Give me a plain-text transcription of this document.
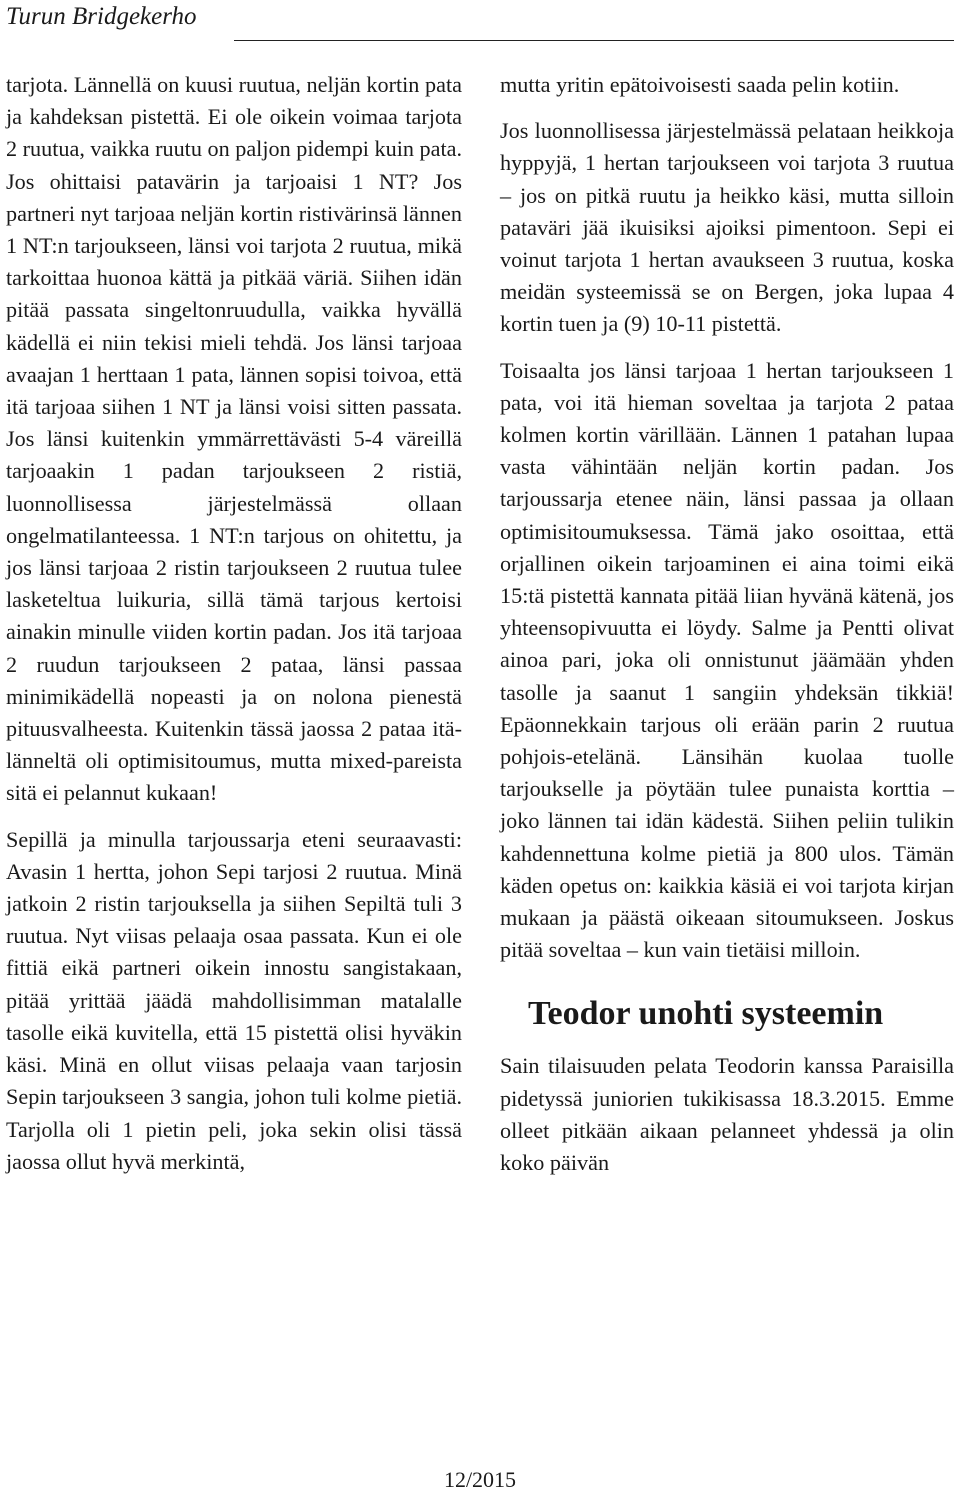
Turun Bridgekerho

tarjota. Lännellä on kuusi ruutua, neljän kortin pata ja kahdeksan pistettä. Ei ole oikein voimaa tarjota 2 ruutua, vaikka ruutu on paljon pidempi kuin pata. Jos ohittaisi patavärin ja tarjoaisi 1 NT? Jos partneri nyt tarjoaa neljän kortin ristivärinsä lännen 1 NT:n tarjoukseen, länsi voi tarjota 2 ruutua, mikä tarkoittaa huonoa kättä ja pitkää väriä. Siihen idän pitää passata singeltonruudulla, vaikka hyvällä kädellä ei niin tekisi mieli tehdä. Jos länsi tarjoaa avaajan 1 herttaan 1 pata, lännen sopisi toivoa, että itä tarjoaa siihen 1 NT ja länsi voisi sitten passata. Jos länsi kuitenkin ymmärrettävästi 5-4 väreillä tarjoaakin 1 padan tarjoukseen 2 ristiä, luonnollisessa järjestelmässä ollaan ongelmatilanteessa. 1 NT:n tarjous on ohitettu, ja jos länsi tarjoaa 2 ristin tarjoukseen 2 ruutua tulee lasketeltua luikuria, sillä tämä tarjous kertoisi ainakin minulle viiden kortin padan. Jos itä tarjoaa 2 ruudun tarjoukseen 2 pataa, länsi passaa minimikädellä nopeasti ja on nolona pienestä pituusvalheesta. Kuitenkin tässä jaossa 2 pataa itä-länneltä oli optimisitoumus, mutta mixed-pareista sitä ei pelannut kukaan!

Sepillä ja minulla tarjoussarja eteni seuraavasti: Avasin 1 hertta, johon Sepi tarjosi 2 ruutua. Minä jatkoin 2 ristin tarjouksella ja siihen Sepiltä tuli 3 ruutua. Nyt viisas pelaaja osaa passata. Kun ei ole fittiä eikä partneri oikein innostu sangistakaan, pitää yrittää jäädä mahdollisimman matalalle tasolle eikä kuvitella, että 15 pistettä olisi hyväkin käsi. Minä en ollut viisas pelaaja vaan tarjosin Sepin tarjoukseen 3 sangia, johon tuli kolme pietiä. Tarjolla oli 1 pietin peli, joka sekin olisi tässä jaossa ollut hyvä merkintä,

mutta yritin epätoivoisesti saada pelin kotiin.

Jos luonnollisessa järjestelmässä pelataan heikkoja hyppyjä, 1 hertan tarjoukseen voi tarjota 3 ruutua – jos on pitkä ruutu ja heikko käsi, mutta silloin pataväri jää ikuisiksi ajoiksi pimentoon. Sepi ei voinut tarjota 1 hertan avaukseen 3 ruutua, koska meidän systeemissä se on Bergen, joka lupaa 4 kortin tuen ja (9) 10-11 pistettä.

Toisaalta jos länsi tarjoaa 1 hertan tarjoukseen 1 pata, voi itä hieman soveltaa ja tarjota 2 pataa kolmen kortin värillään. Lännen 1 patahan lupaa vasta vähintään neljän kortin padan. Jos tarjoussarja etenee näin, länsi passaa ja ollaan optimisitoumuksessa. Tämä jako osoittaa, että orjallinen oikein tarjoaminen ei aina toimi eikä 15:tä pistettä kannata pitää liian hyvänä kätenä, jos yhteensopivuutta ei löydy. Salme ja Pentti olivat ainoa pari, joka oli onnistunut jäämään yhden tasolle ja saanut 1 sangiin yhdeksän tikkiä! Epäonnekkain tarjous oli erään parin 2 ruutua pohjois-etelänä. Länsihän kuolaa tuolle tarjoukselle ja pöytään tulee punaista korttia – joko lännen tai idän kädestä. Siihen peliin tulikin kahdennettuna kolme pietiä ja 800 ulos. Tämän käden opetus on: kaikkia käsiä ei voi tarjota kirjan mukaan ja päästä oikeaan sitoumukseen. Joskus pitää soveltaa – kun vain tietäisi milloin.

Teodor unohti systeemin

Sain tilaisuuden pelata Teodorin kanssa Paraisilla pidetyssä juniorien tukikisassa 18.3.2015. Emme olleet pitkään aikaan pelanneet yhdessä ja olin koko päivän

12/2015
